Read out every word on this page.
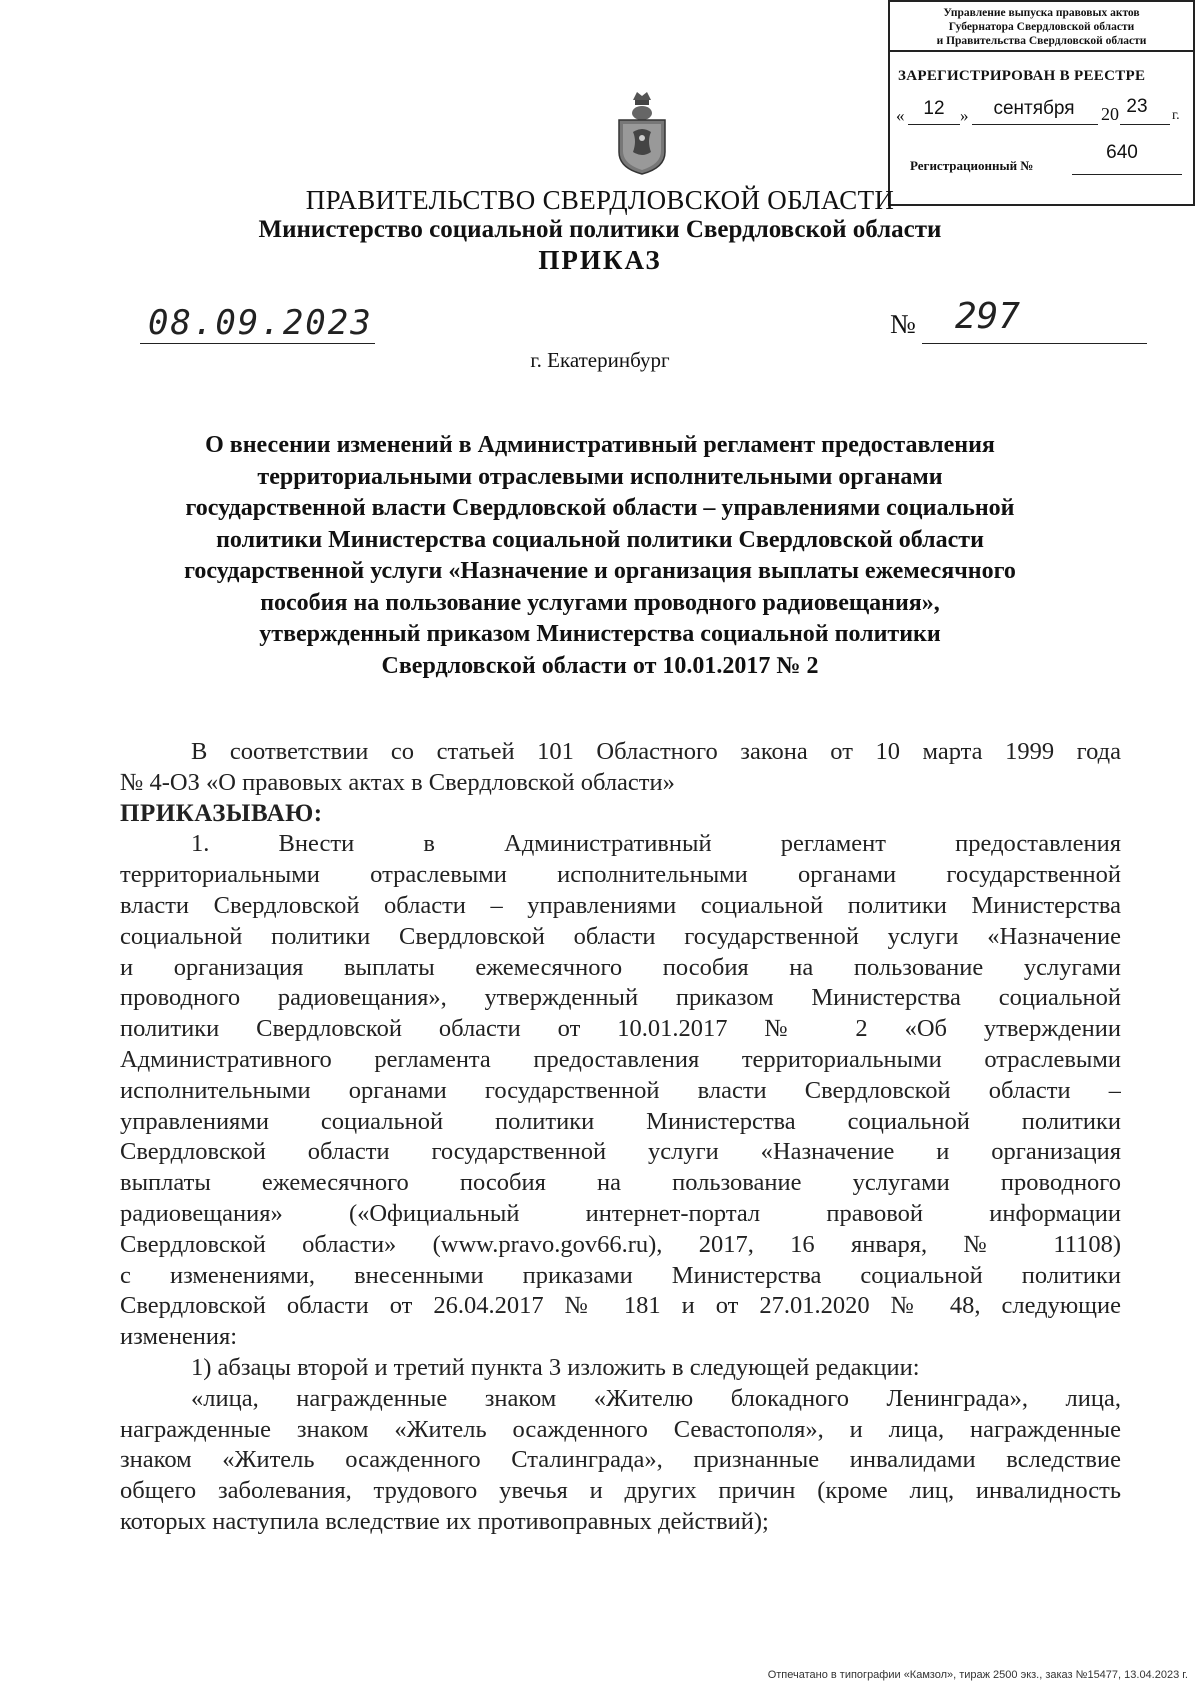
Управление выпуска правовых актов
Губернатора Свердловской области
и Правительства Свердловской области
ЗАРЕГИСТРИРОВАН В РЕЕСТРЕ
« 12 »	сентября	20 23	г.
Регистрационный №
640
ПРАВИТЕЛЬСТВО СВЕРДЛОВСКОЙ ОБЛАСТИ
Министерство социальной политики Свердловской области
ПРИКАЗ
08.09.2023	№ 297
г. Екатеринбург
О внесении изменений в Административный регламент предоставления
территориальными отраслевыми исполнительными органами
государственной власти Свердловской области – управлениями социальной
политики Министерства социальной политики Свердловской области
государственной услуги «Назначение и организация выплаты ежемесячного
пособия на пользование услугами проводного радиовещания»,
утвержденный приказом Министерства социальной политики
Свердловской области от 10.01.2017 № 2
В соответствии со статьей 101 Областного закона от 10 марта 1999 года
№ 4-ОЗ «О правовых актах в Свердловской области»
ПРИКАЗЫВАЮ:
1. Внести в Административный регламент предоставления
территориальными отраслевыми исполнительными органами государственной
власти Свердловской области – управлениями социальной политики Министерства
социальной политики Свердловской области государственной услуги «Назначение
и организация выплаты ежемесячного пособия на пользование услугами
проводного радиовещания», утвержденный приказом Министерства социальной
политики Свердловской области от 10.01.2017 № 2 «Об утверждении
Административного регламента предоставления территориальными отраслевыми
исполнительными органами государственной власти Свердловской области –
управлениями социальной политики Министерства социальной политики
Свердловской области государственной услуги «Назначение и организация
выплаты ежемесячного пособия на пользование услугами проводного
радиовещания» («Официальный интернет-портал правовой информации
Свердловской области» (www.pravo.gov66.ru), 2017, 16 января, № 11108)
с изменениями, внесенными приказами Министерства социальной политики
Свердловской области от 26.04.2017 № 181 и от 27.01.2020 № 48, следующие
изменения:
1) абзацы второй и третий пункта 3 изложить в следующей редакции:
«лица, награжденные знаком «Жителю блокадного Ленинграда», лица,
награжденные знаком «Житель осажденного Севастополя», и лица, награжденные
знаком «Житель осажденного Сталинграда», признанные инвалидами вследствие
общего заболевания, трудового увечья и других причин (кроме лиц, инвалидность
которых наступила вследствие их противоправных действий);
Отпечатано в типографии «Камзол», тираж 2500 экз., заказ №15477, 13.04.2023 г.
